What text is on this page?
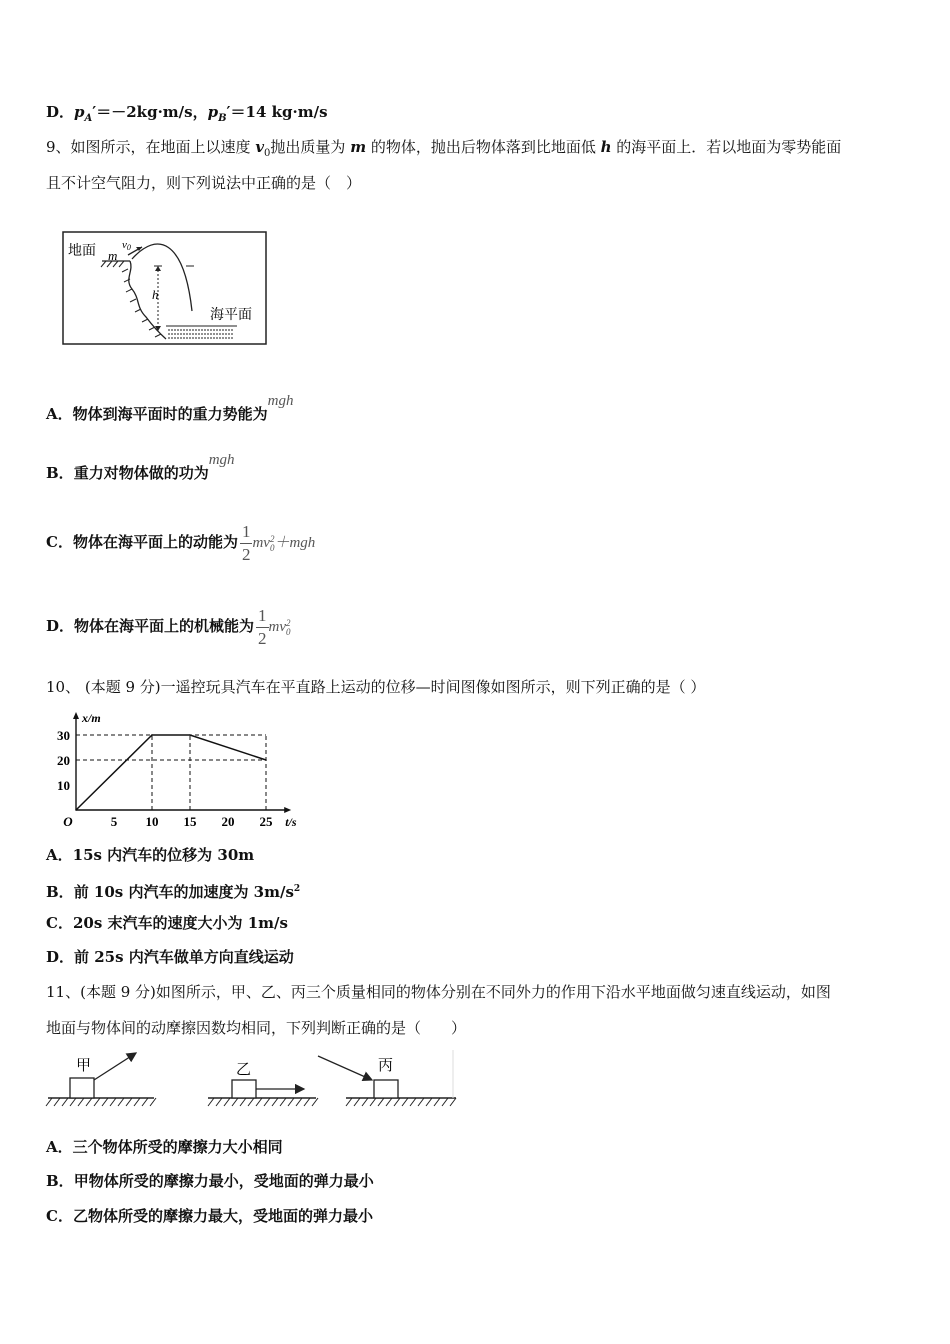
D．$p_A'=-2kg\cdot m/s$，$p_B'=14$ kg·m/s
9、如图所示，在地面上以速度 $v_0$抛出质量为 m 的物体，抛出后物体落到比地面低 h 的海平面上．若以地面为零势能面
且不计空气阻力，则下列说法中正确的是（　）
地面 v0
m
h
海平面
A．物体到海平面时的重力势能为mgh
B．重力对物体做的功为mgh
C．物体在海平面上的动能为 $\frac{1}{2}$ mv 2
0 ＋mgh
D．物体在海平面上的机械能为 $\frac{1}{2}$ mv 2
0
10、 (本题 9 分)一遥控玩具汽车在平直路上运动的位移—时间图像如图所示，则下列正确的是（ ）
5 10 15 20 25
10
20
30
O	t/s
x/m
A．15s 内汽车的位移为 30m
B．前 10s 内汽车的加速度为 $3m/s^2$
C．20s 末汽车的速度大小为 1m/s
D．前 25s 内汽车做单方向直线运动
11、(本题 9 分)如图所示，甲、乙、丙三个质量相同的物体分别在不同外力的作用下沿水平地面做匀速直线运动，如图
地面与物体间的动摩擦因数均相同，下列判断正确的是（　　）
甲	乙	丙
A．三个物体所受的摩擦力大小相同
B．甲物体所受的摩擦力最小，受地面的弹力最小
C．乙物体所受的摩擦力最大，受地面的弹力最小
